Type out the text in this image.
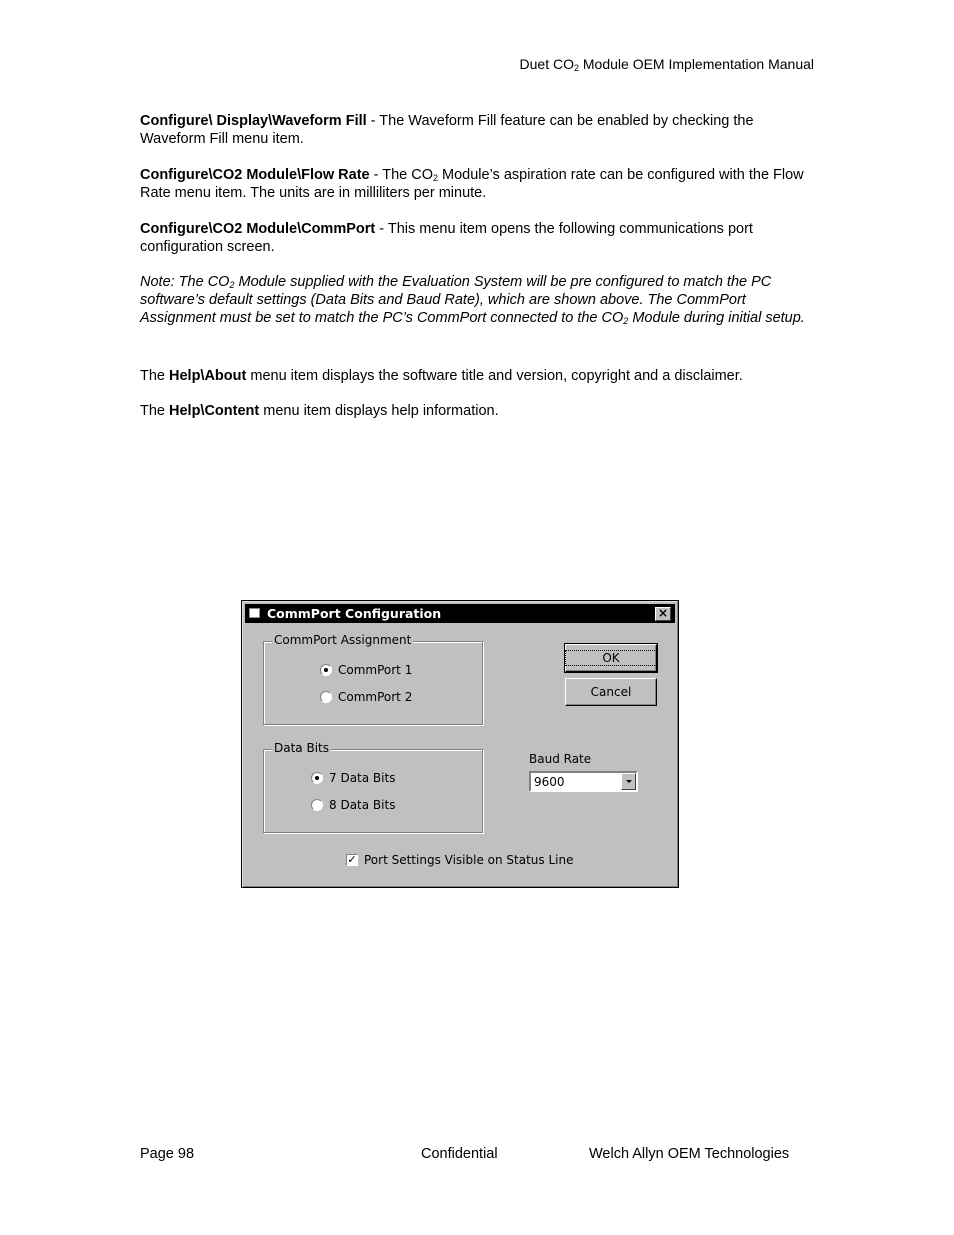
Duet $CO_2$ Module OEM Implementation Manual

Configure\ Display\Waveform Fill - The Waveform Fill feature can be enabled by checking the Waveform Fill menu item.

Configure\CO2 Module\Flow Rate - The $CO_2$ Module’s aspiration rate can be configured with the Flow Rate menu item. The units are in milliliters per minute.

Configure\CO2 Module\CommPort - This menu item opens the following communications port configuration screen.

Note: The $CO_2$ Module supplied with the Evaluation System will be pre configured to match the PC software’s default settings (Data Bits and Baud Rate), which are shown above. The CommPort Assignment must be set to match the PC’s CommPort connected to the $CO_2$ Module during initial setup.

The Help\About menu item displays the software title and version, copyright and a disclaimer.

The Help\Content menu item displays help information.

CommPort Configuration	×
CommPort Assignment
CommPort 1
CommPort 2
Data Bits
7 Data Bits
8 Data Bits
OK
Cancel
Baud Rate
9600
✓ Port Settings Visible on Status Line
Page 98	Confidential	Welch Allyn OEM Technologies
